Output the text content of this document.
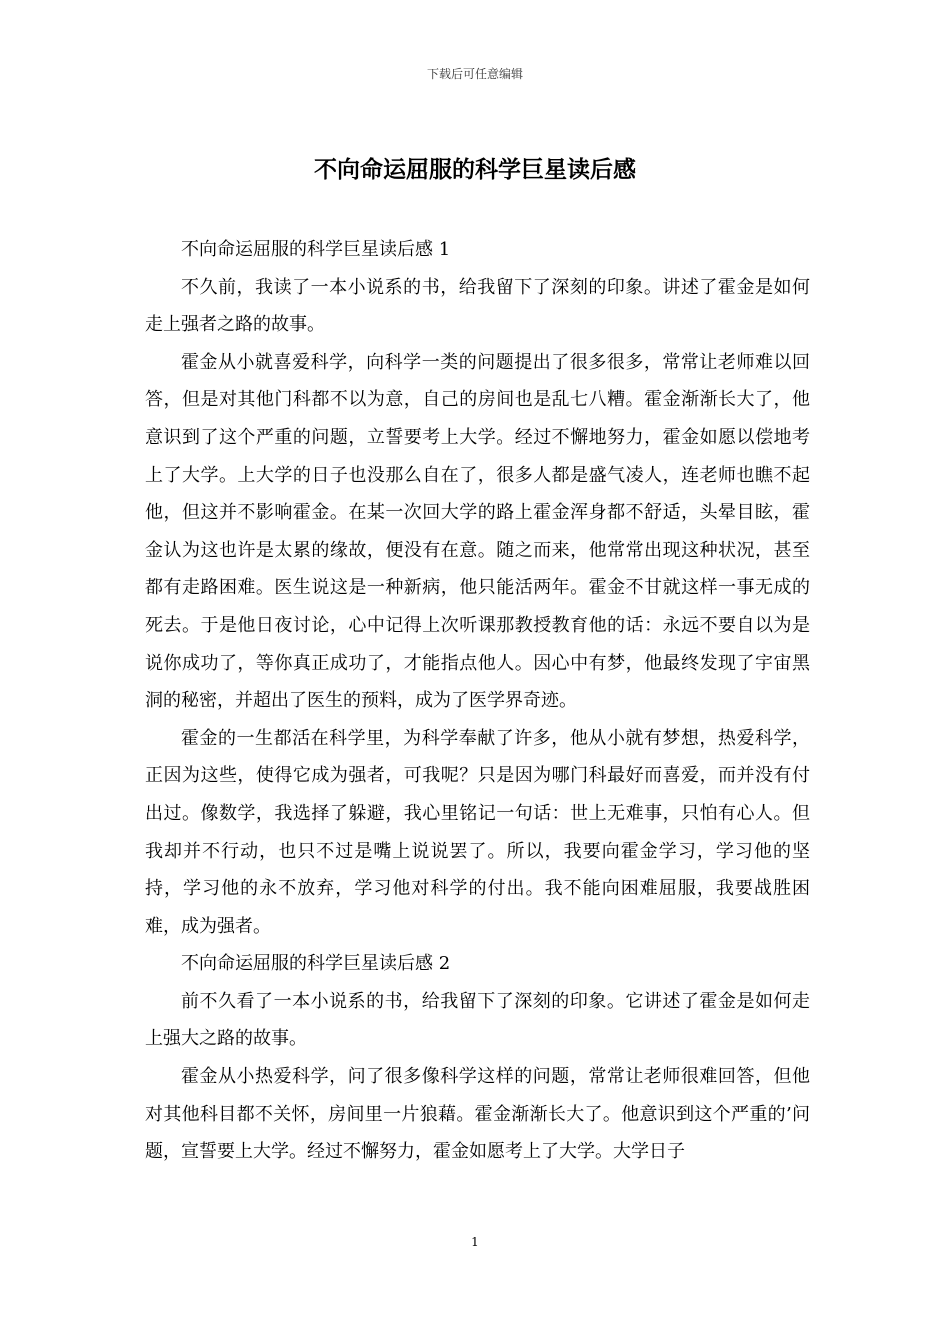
下载后可任意编辑
不向命运屈服的科学巨星读后感

不向命运屈服的科学巨星读后感 1

不久前，我读了一本小说系的书，给我留下了深刻的印象。讲述了霍金是如何走上强者之路的故事。

霍金从小就喜爱科学，向科学一类的问题提出了很多很多，常常让老师难以回答，但是对其他门科都不以为意，自己的房间也是乱七八糟。霍金渐渐长大了，他意识到了这个严重的问题，立誓要考上大学。经过不懈地努力，霍金如愿以偿地考上了大学。上大学的日子也没那么自在了，很多人都是盛气凌人，连老师也瞧不起他，但这并不影响霍金。在某一次回大学的路上霍金浑身都不舒适，头晕目眩，霍金认为这也许是太累的缘故，便没有在意。随之而来，他常常出现这种状况，甚至都有走路困难。医生说这是一种新病，他只能活两年。霍金不甘就这样一事无成的死去。于是他日夜讨论，心中记得上次听课那教授教育他的话：永远不要自以为是说你成功了，等你真正成功了，才能指点他人。因心中有梦，他最终发现了宇宙黑洞的秘密，并超出了医生的预料，成为了医学界奇迹。

霍金的一生都活在科学里，为科学奉献了许多，他从小就有梦想，热爱科学，正因为这些，使得它成为强者，可我呢？只是因为哪门科最好而喜爱，而并没有付出过。像数学，我选择了躲避，我心里铭记一句话：世上无难事，只怕有心人。但我却并不行动，也只不过是嘴上说说罢了。所以，我要向霍金学习，学习他的坚持，学习他的永不放弃，学习他对科学的付出。我不能向困难屈服，我要战胜困难，成为强者。

不向命运屈服的科学巨星读后感 2

前不久看了一本小说系的书，给我留下了深刻的印象。它讲述了霍金是如何走上强大之路的故事。

霍金从小热爱科学，问了很多像科学这样的问题，常常让老师很难回答，但他对其他科目都不关怀，房间里一片狼藉。霍金渐渐长大了。他意识到这个严重的’问题，宣誓要上大学。经过不懈努力，霍金如愿考上了大学。大学日子

1
